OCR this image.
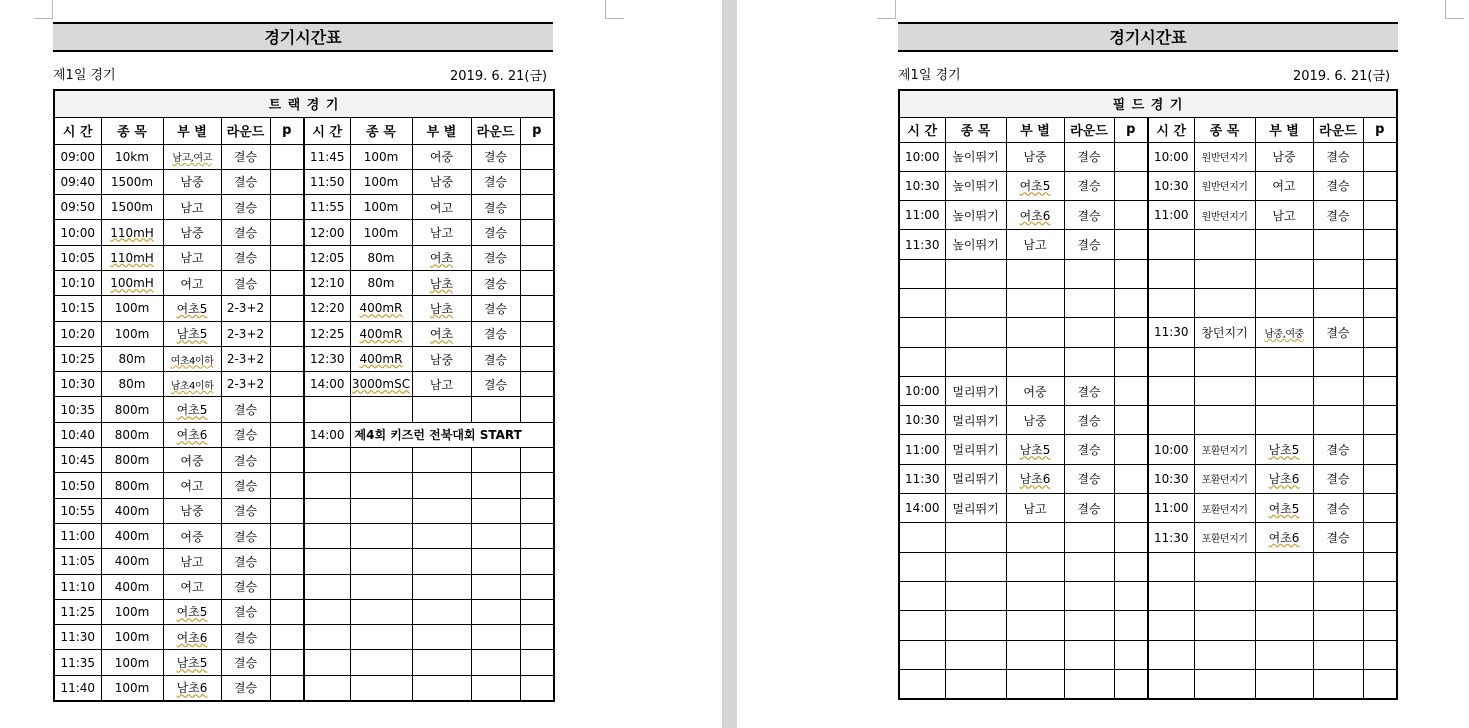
경기시간표
제1일 경기	2019. 6. 21(금)
트 랙 경 기									
시 간	종 목	부 별	라운드	p	시 간	종 목	부 별	라운드	p
09:00	10km	남고,여고	결승		11:45	100m	여중	결승	
09:40	1500m	남중	결승		11:50	100m	남중	결승	
09:50	1500m	남고	결승		11:55	100m	여고	결승	
10:00	110mH	남중	결승		12:00	100m	남고	결승	
10:05	110mH	남고	결승		12:05	80m	여초	결승	
10:10	100mH	여고	결승		12:10	80m	남초	결승	
10:15	100m	여초5	2-3+2		12:20	400mR	남초	결승	
10:20	100m	남초5	2-3+2		12:25	400mR	여초	결승	
10:25	80m	여초4이하	2-3+2		12:30	400mR	남중	결승	
10:30	80m	남초4이하	2-3+2		14:00	3000mSC	남고	결승	
10:35	800m	여초5	결승						
10:40	800m	여초6	결승		14:00	제4회 키즈런 전북대회 START			
10:45	800m	여중	결승						
10:50	800m	여고	결승						
10:55	400m	남중	결승						
11:00	400m	여중	결승						
11:05	400m	남고	결승						
11:10	400m	여고	결승						
11:25	100m	여초5	결승						
11:30	100m	여초6	결승						
11:35	100m	남초5	결승						
11:40	100m	남초6	결승						
경기시간표
제1일 경기	2019. 6. 21(금)
필 드 경 기									
시 간	종 목	부 별	라운드	p	시 간	종 목	부 별	라운드	p
10:00	높이뛰기	남중	결승		10:00	원반던지기	남중	결승	
10:30	높이뛰기	여초5	결승		10:30	원반던지기	여고	결승	
11:00	높이뛰기	여초6	결승		11:00	원반던지기	남고	결승	
11:30	높이뛰기	남고	결승						

					11:30	창던지기	남중,여중	결승	

10:00	멀리뛰기	여중	결승						
10:30	멀리뛰기	남중	결승						
11:00	멀리뛰기	남초5	결승		10:00	포환던지기	남초5	결승	
11:30	멀리뛰기	남초6	결승		10:30	포환던지기	남초6	결승	
14:00	멀리뛰기	남고	결승		11:00	포환던지기	여초5	결승	
					11:30	포환던지기	여초6	결승	
